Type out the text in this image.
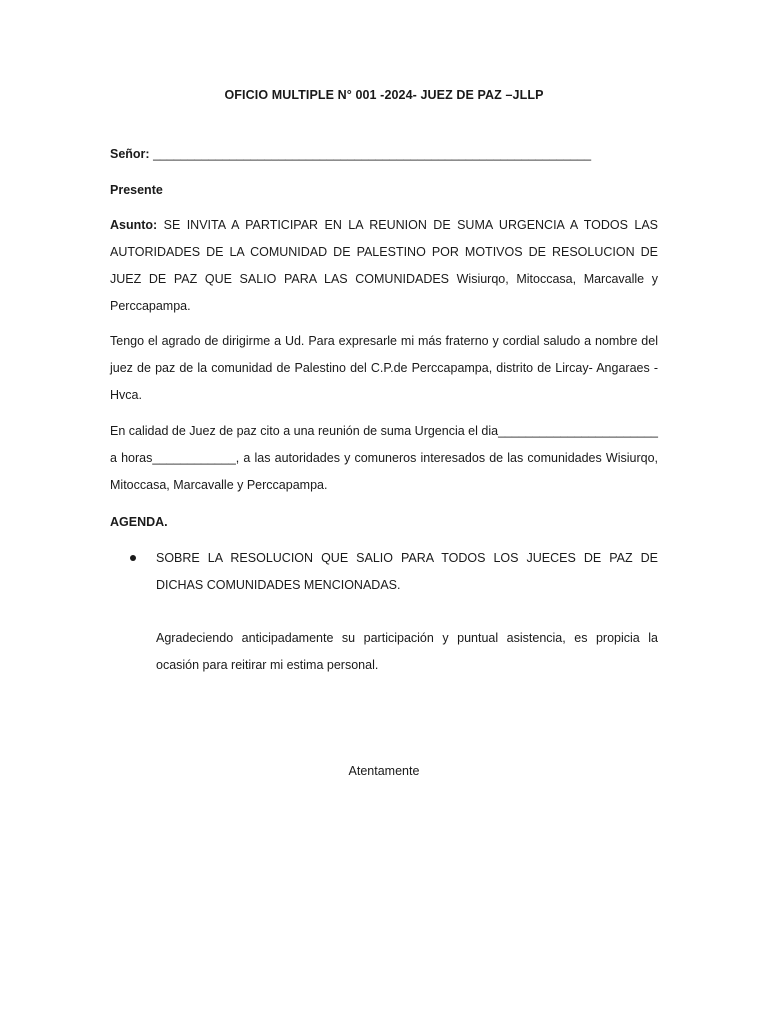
OFICIO MULTIPLE N° 001 -2024- JUEZ DE PAZ –JLLP
Señor: _______________________________________________________________
Presente
Asunto: SE INVITA A PARTICIPAR EN LA REUNION DE SUMA URGENCIA A TODOS LAS AUTORIDADES DE LA COMUNIDAD DE PALESTINO POR MOTIVOS DE RESOLUCION DE JUEZ DE PAZ QUE SALIO PARA LAS COMUNIDADES Wisiurqo, Mitoccasa, Marcavalle y Perccapampa.
Tengo el agrado de dirigirme a Ud. Para expresarle mi más fraterno y cordial saludo a nombre del juez de paz de la comunidad de Palestino del C.P.de Perccapampa, distrito de Lircay- Angaraes - Hvca.
En calidad de Juez de paz cito a una reunión de suma Urgencia el dia_______________________ a horas____________, a las autoridades y comuneros interesados de las comunidades Wisiurqo, Mitoccasa, Marcavalle y Perccapampa.
AGENDA.
SOBRE LA RESOLUCION QUE SALIO PARA TODOS LOS JUECES DE PAZ DE DICHAS COMUNIDADES MENCIONADAS.
Agradeciendo anticipadamente su participación y puntual asistencia, es propicia la ocasión para reitirar mi estima personal.
Atentamente
